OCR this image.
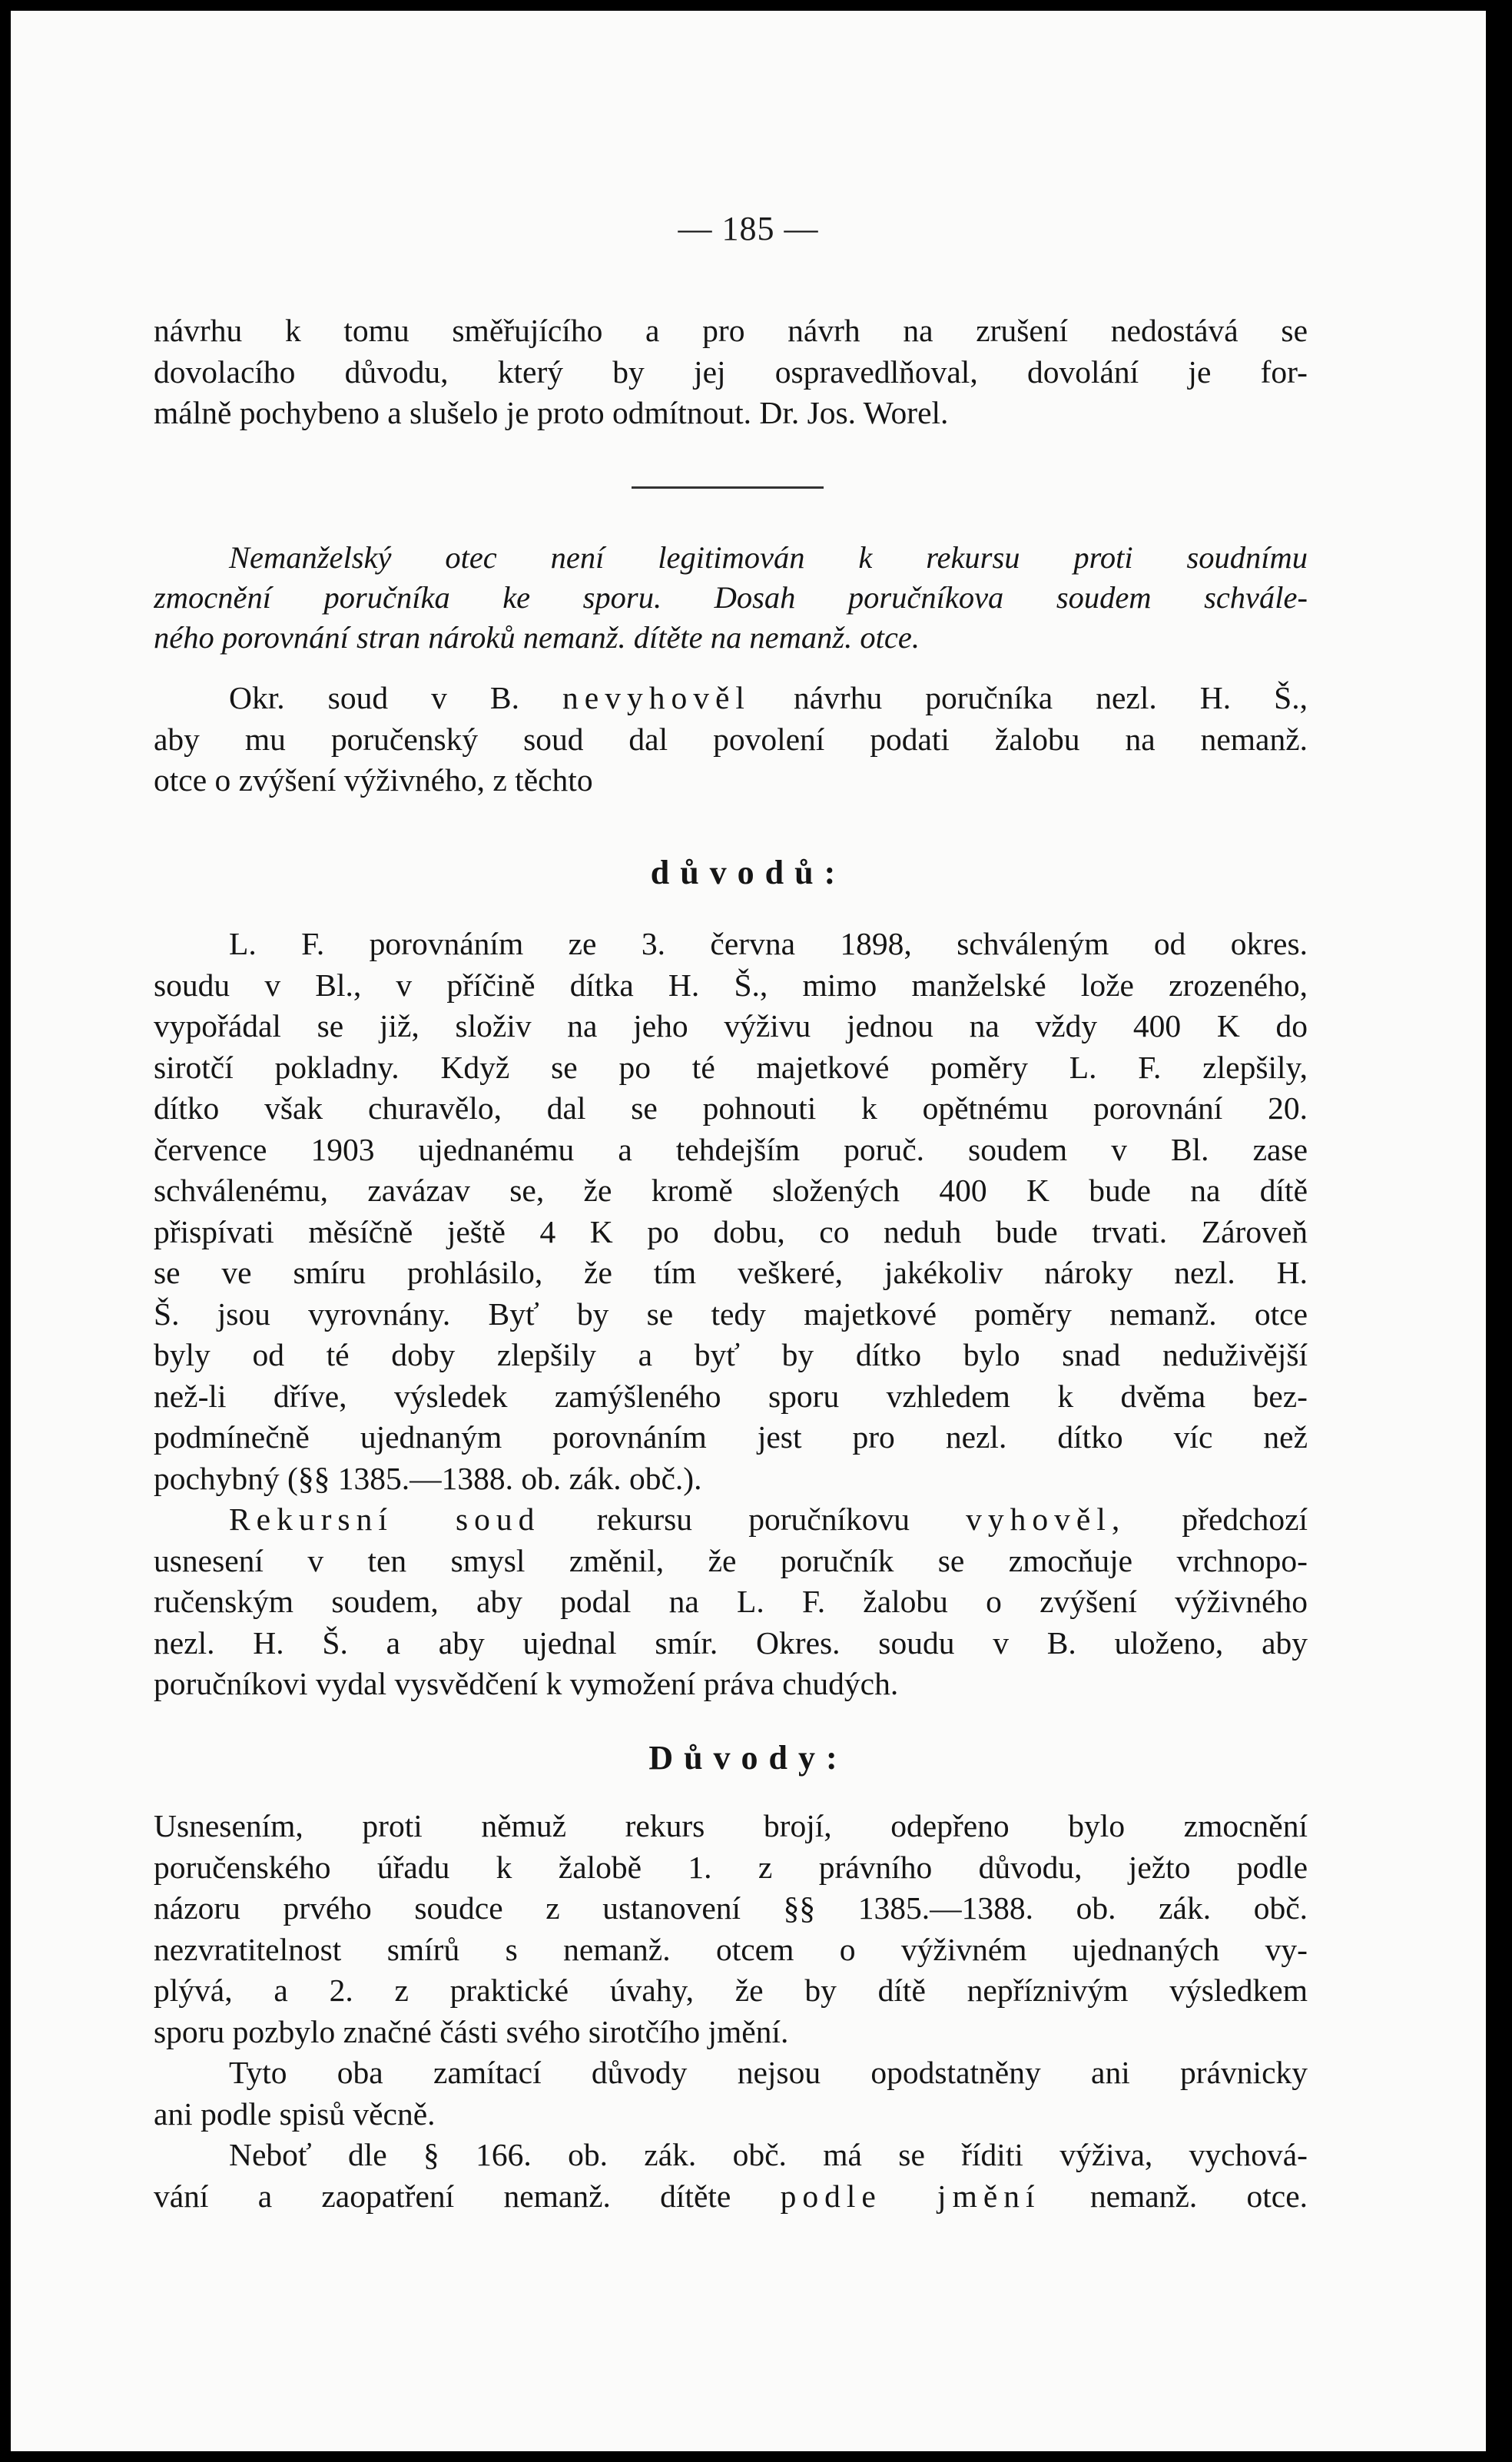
— 185 —
návrhu k tomu směřujícího a pro návrh na zrušení nedostává se
dovolacího důvodu, který by jej ospravedlňoval, dovolání je for-
málně pochybeno a slušelo je proto odmítnout. Dr. Jos. Worel.
Nemanželský otec není legitimován k rekursu proti soudnímu
zmocnění poručníka ke sporu. Dosah poručníkova soudem schvále-
ného porovnání stran nároků nemanž. dítěte na nemanž. otce.
Okr. soud v B. nevyhověl návrhu poručníka nezl. H. Š.,
aby mu poručenský soud dal povolení podati žalobu na nemanž.
otce o zvýšení výživného, z těchto
důvodů:
L. F. porovnáním ze 3. června 1898, schváleným od okres.
soudu v Bl., v příčině dítka H. Š., mimo manželské lože zrozeného,
vypořádal se již, složiv na jeho výživu jednou na vždy 400 K do
sirotčí pokladny. Když se po té majetkové poměry L. F. zlepšily,
dítko však churavělo, dal se pohnouti k opětnému porovnání 20.
července 1903 ujednanému a tehdejším poruč. soudem v Bl. zase
schválenému, zavázav se, že kromě složených 400 K bude na dítě
přispívati měsíčně ještě 4 K po dobu, co neduh bude trvati. Zároveň
se ve smíru prohlásilo, že tím veškeré, jakékoliv nároky nezl. H.
Š. jsou vyrovnány. Byť by se tedy majetkové poměry nemanž. otce
byly od té doby zlepšily a byť by dítko bylo snad neduživější
než-li dříve, výsledek zamýšleného sporu vzhledem k dvěma bez-
podmínečně ujednaným porovnáním jest pro nezl. dítko víc než
pochybný (§§ 1385.—1388. ob. zák. obč.).
Rekursní soud rekursu poručníkovu vyhověl, předchozí
usnesení v ten smysl změnil, že poručník se zmocňuje vrchnopo-
ručenským soudem, aby podal na L. F. žalobu o zvýšení výživného
nezl. H. Š. a aby ujednal smír. Okres. soudu v B. uloženo, aby
poručníkovi vydal vysvědčení k vymožení práva chudých.
Důvody:
Usnesením, proti němuž rekurs brojí, odepřeno bylo zmocnění
poručenského úřadu k žalobě 1. z právního důvodu, ježto podle
názoru prvého soudce z ustanovení §§ 1385.—1388. ob. zák. obč.
nezvratitelnost smírů s nemanž. otcem o výživném ujednaných vy-
plývá, a 2. z praktické úvahy, že by dítě nepříznivým výsledkem
sporu pozbylo značné části svého sirotčího jmění.
Tyto oba zamítací důvody nejsou opodstatněny ani právnicky
ani podle spisů věcně.
Neboť dle § 166. ob. zák. obč. má se říditi výživa, vychová-
vání a zaopatření nemanž. dítěte podle jmění nemanž. otce.
